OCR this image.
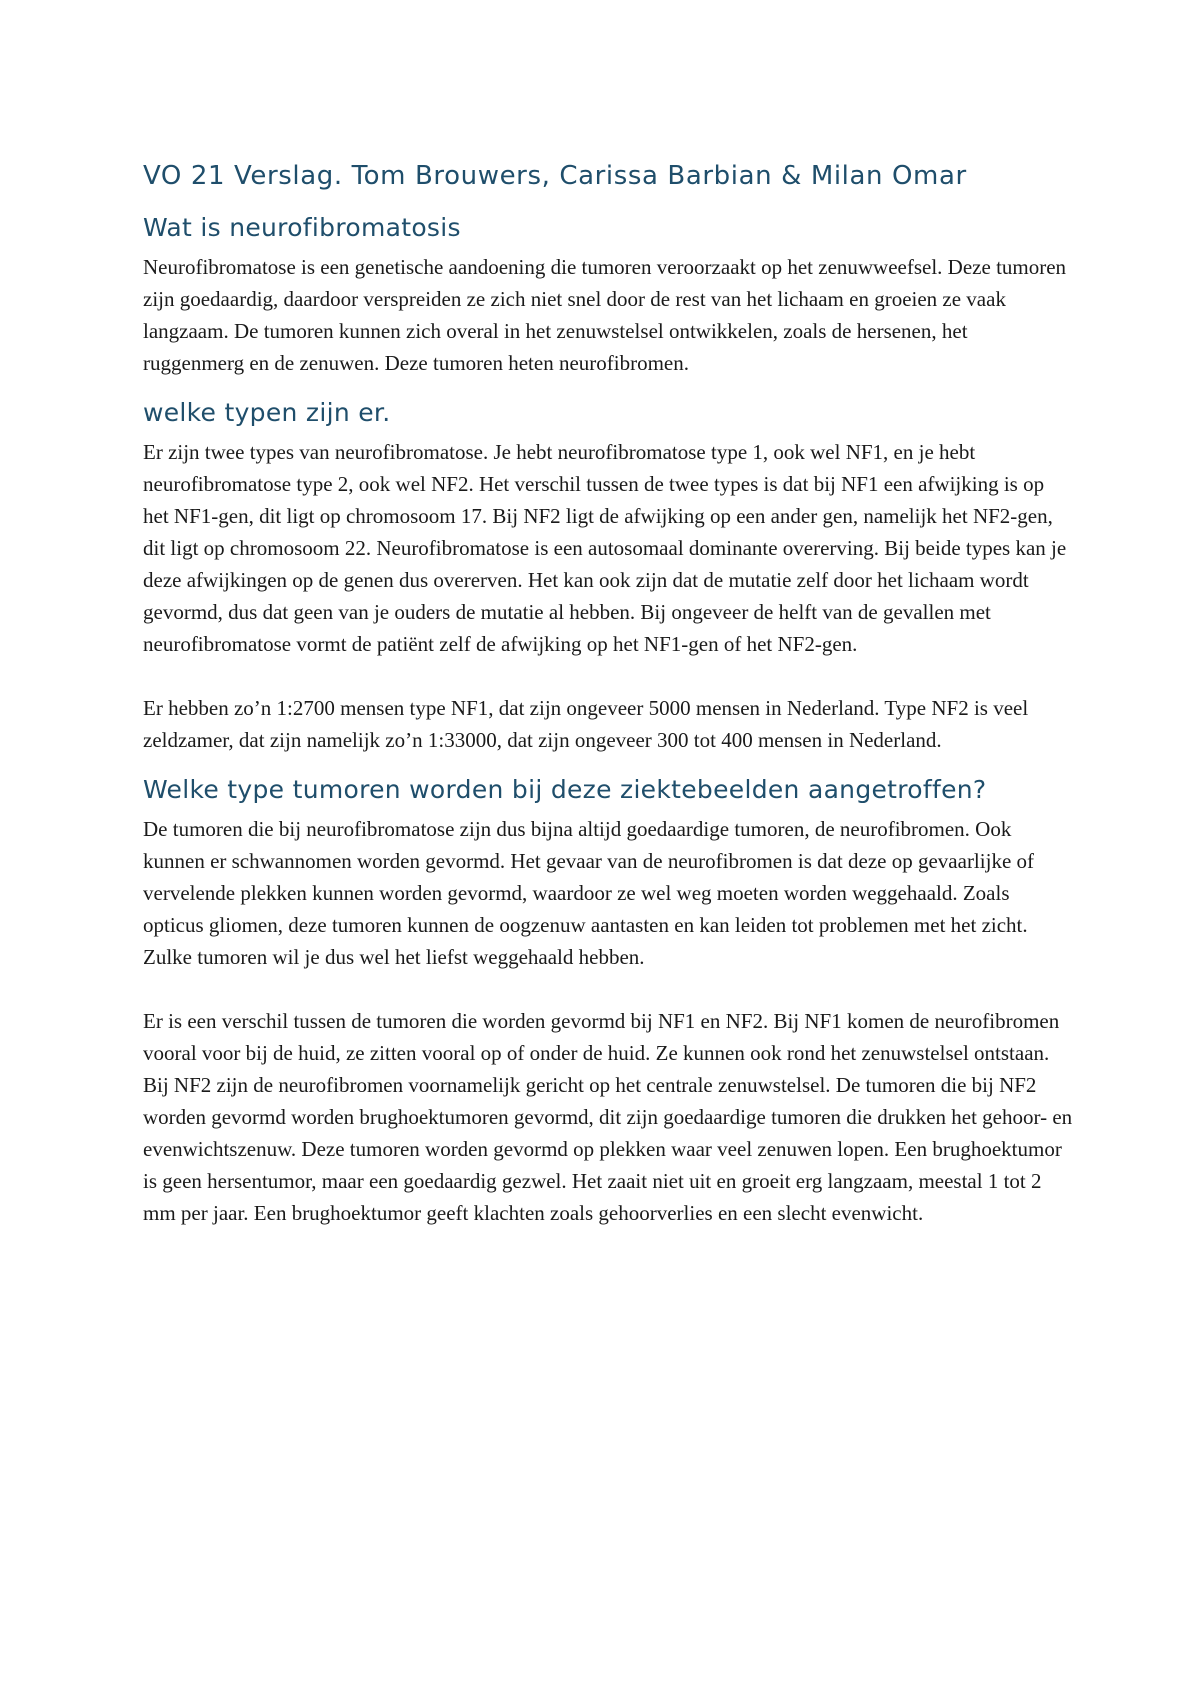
VO 21 Verslag. Tom Brouwers, Carissa Barbian & Milan Omar
Wat is neurofibromatosis

Neurofibromatose is een genetische aandoening die tumoren veroorzaakt op het zenuwweefsel. Deze tumoren zijn goedaardig, daardoor verspreiden ze zich niet snel door de rest van het lichaam en groeien ze vaak langzaam. De tumoren kunnen zich overal in het zenuwstelsel ontwikkelen, zoals de hersenen, het ruggenmerg en de zenuwen. Deze tumoren heten neurofibromen.

welke typen zijn er.

Er zijn twee types van neurofibromatose. Je hebt neurofibromatose type 1, ook wel NF1, en je hebt neurofibromatose type 2, ook wel NF2. Het verschil tussen de twee types is dat bij NF1 een afwijking is op het NF1-gen, dit ligt op chromosoom 17. Bij NF2 ligt de afwijking op een ander gen, namelijk het NF2-gen, dit ligt op chromosoom 22. Neurofibromatose is een autosomaal dominante overerving. Bij beide types kan je deze afwijkingen op de genen dus overerven. Het kan ook zijn dat de mutatie zelf door het lichaam wordt gevormd, dus dat geen van je ouders de mutatie al hebben. Bij ongeveer de helft van de gevallen met neurofibromatose vormt de patiënt zelf de afwijking op het NF1-gen of het NF2-gen.

Er hebben zo’n 1:2700 mensen type NF1, dat zijn ongeveer 5000 mensen in Nederland. Type NF2 is veel zeldzamer, dat zijn namelijk zo’n 1:33000, dat zijn ongeveer 300 tot 400 mensen in Nederland.

Welke type tumoren worden bij deze ziektebeelden aangetroffen?

De tumoren die bij neurofibromatose zijn dus bijna altijd goedaardige tumoren, de neurofibromen. Ook kunnen er schwannomen worden gevormd. Het gevaar van de neurofibromen is dat deze op gevaarlijke of vervelende plekken kunnen worden gevormd, waardoor ze wel weg moeten worden weggehaald. Zoals opticus gliomen, deze tumoren kunnen de oogzenuw aantasten en kan leiden tot problemen met het zicht. Zulke tumoren wil je dus wel het liefst weggehaald hebben.

Er is een verschil tussen de tumoren die worden gevormd bij NF1 en NF2. Bij NF1 komen de neurofibromen vooral voor bij de huid, ze zitten vooral op of onder de huid. Ze kunnen ook rond het zenuwstelsel ontstaan. Bij NF2 zijn de neurofibromen voornamelijk gericht op het centrale zenuwstelsel. De tumoren die bij NF2 worden gevormd worden brughoektumoren gevormd, dit zijn goedaardige tumoren die drukken het gehoor- en evenwichtszenuw. Deze tumoren worden gevormd op plekken waar veel zenuwen lopen. Een brughoektumor is geen hersentumor, maar een goedaardig gezwel. Het zaait niet uit en groeit erg langzaam, meestal 1 tot 2 mm per jaar. Een brughoektumor geeft klachten zoals gehoorverlies en een slecht evenwicht.
